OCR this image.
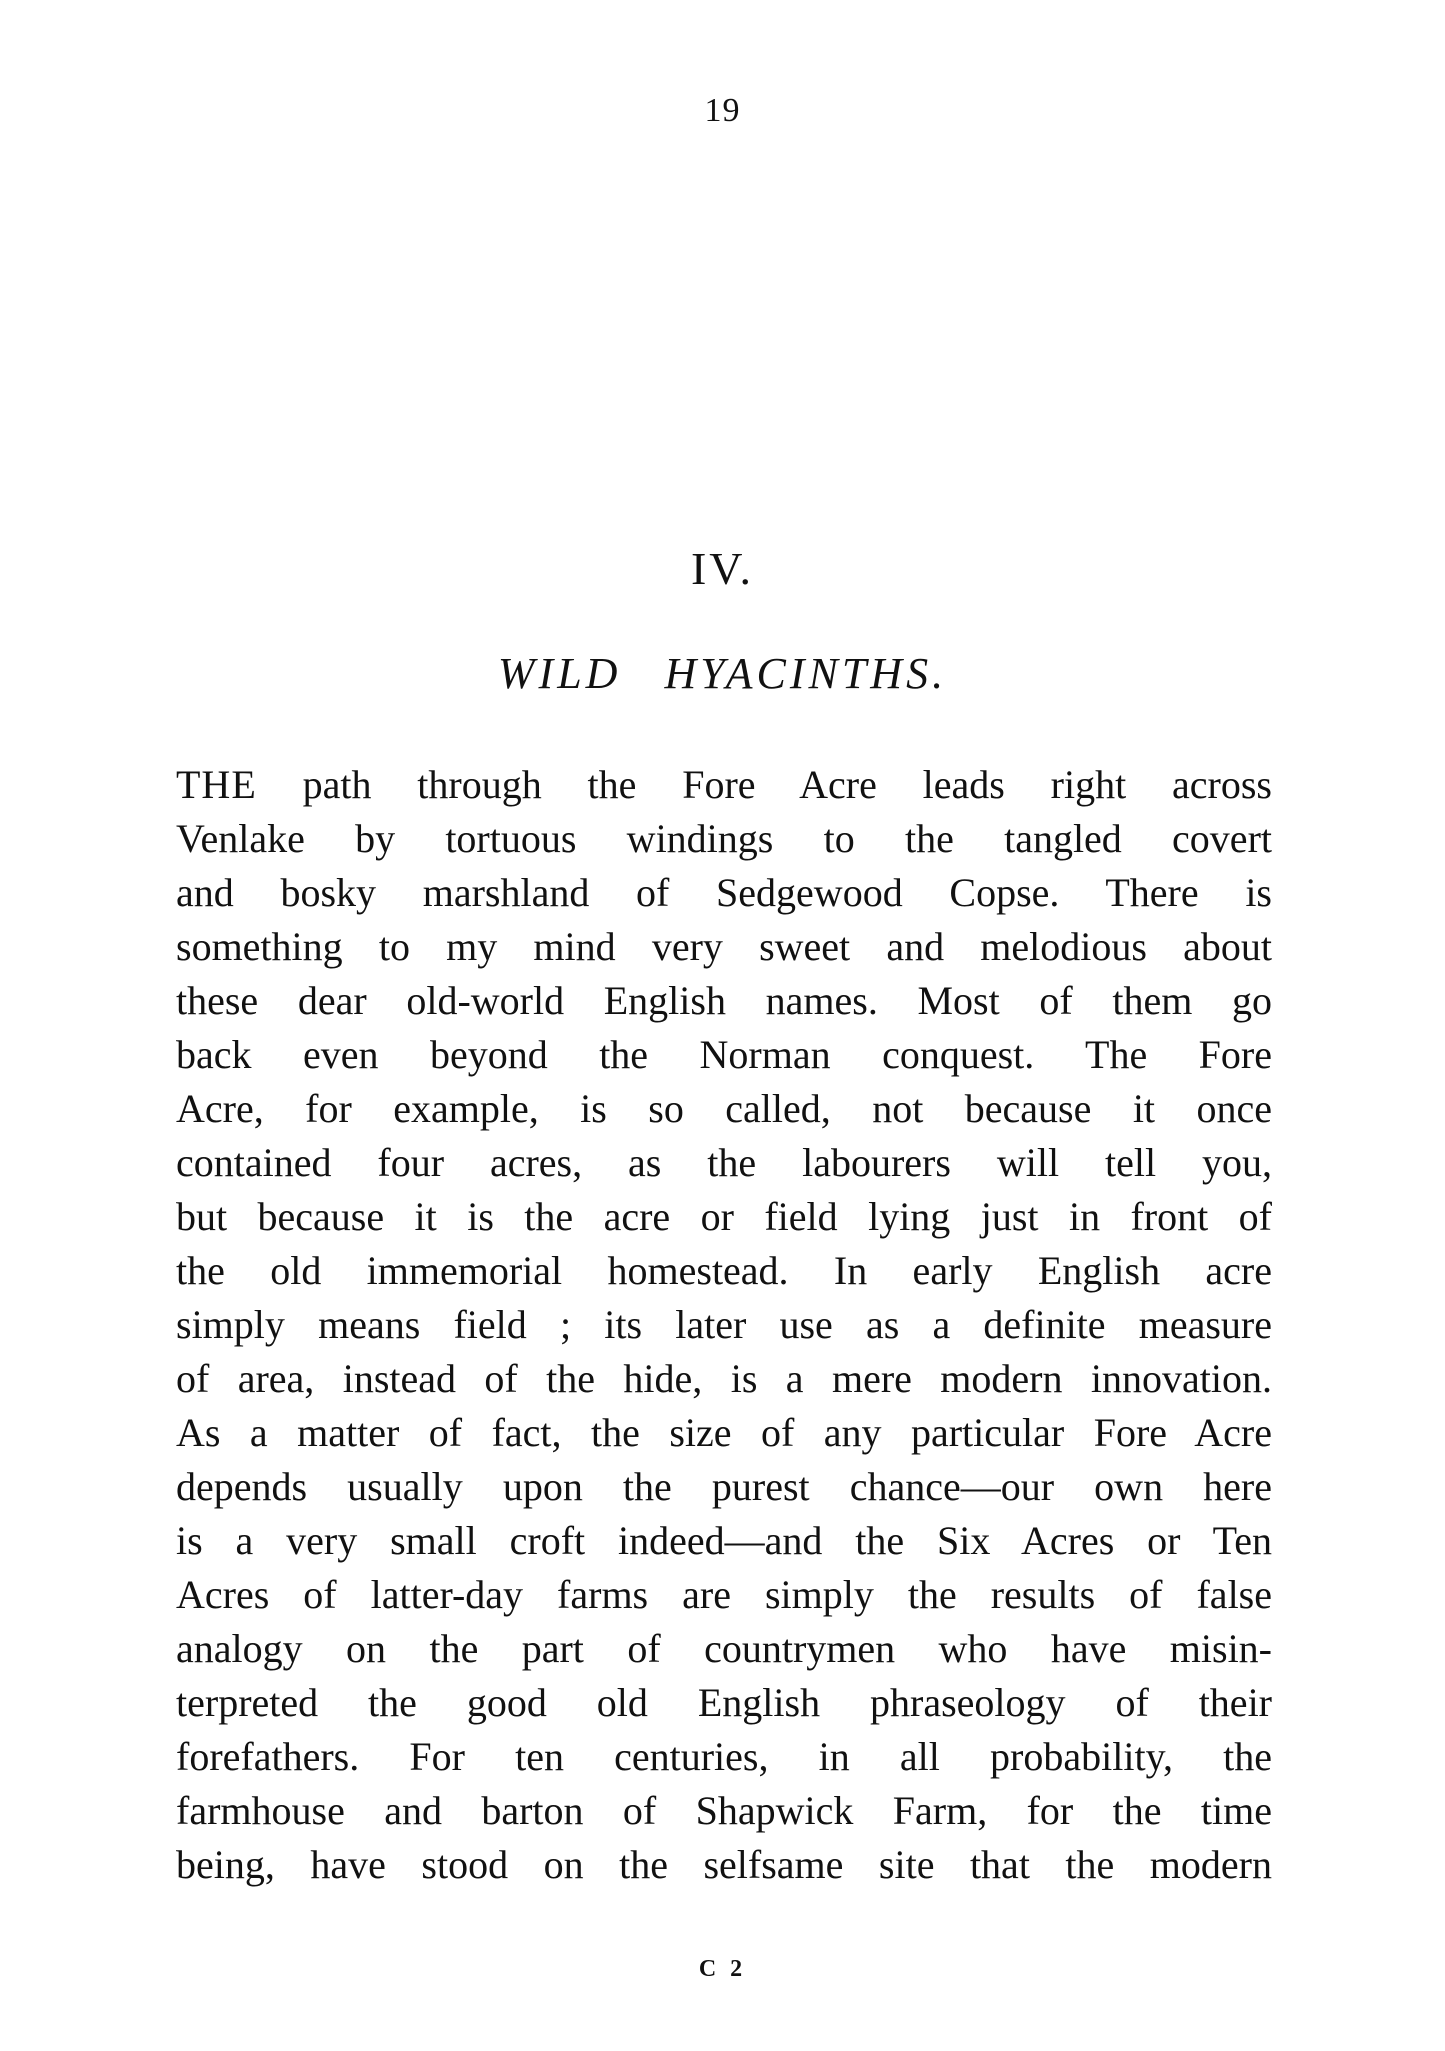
19
IV.
WILD HYACINTHS.
THE path through the Fore Acre leads right across
Venlake by tortuous windings to the tangled covert
and bosky marshland of Sedgewood Copse. There is
something to my mind very sweet and melodious about
these dear old-world English names. Most of them go
back even beyond the Norman conquest. The Fore
Acre, for example, is so called, not because it once
contained four acres, as the labourers will tell you,
but because it is the acre or field lying just in front of
the old immemorial homestead. In early English acre
simply means field ; its later use as a definite measure
of area, instead of the hide, is a mere modern innovation.
As a matter of fact, the size of any particular Fore Acre
depends usually upon the purest chance—our own here
is a very small croft indeed—and the Six Acres or Ten
Acres of latter-day farms are simply the results of false
analogy on the part of countrymen who have misin-
terpreted the good old English phraseology of their
forefathers. For ten centuries, in all probability, the
farmhouse and barton of Shapwick Farm, for the time
being, have stood on the selfsame site that the modern
C 2
